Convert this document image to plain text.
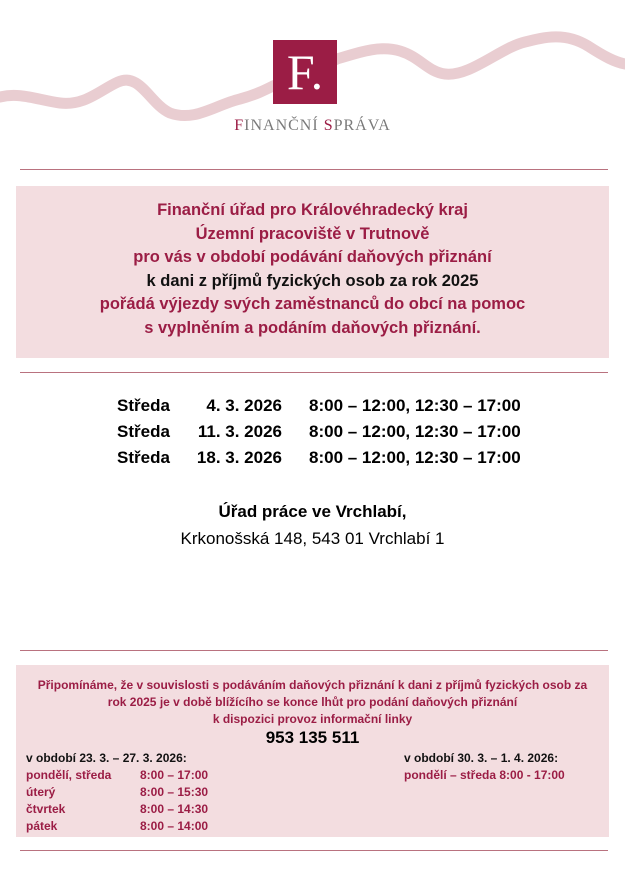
F.
FINANČNÍ SPRÁVA
Finanční úřad pro Královéhradecký kraj
Územní pracoviště v Trutnově
pro vás v období podávání daňových přiznání
k dani z příjmů fyzických osob za rok 2025
pořádá výjezdy svých zaměstnanců do obcí na pomoc
s vyplněním a podáním daňových přiznání.
Středa	4. 3. 2026 8:00 – 12:00, 12:30 – 17:00
Středa	11. 3. 2026 8:00 – 12:00, 12:30 – 17:00
Středa	18. 3. 2026 8:00 – 12:00, 12:30 – 17:00
Úřad práce ve Vrchlabí,
Krkonošská 148, 543 01 Vrchlabí 1
Připomínáme, že v souvislosti s podáváním daňových přiznání k dani z příjmů fyzických osob za
rok 2025 je v době blížícího se konce lhůt pro podání daňových přiznání
k dispozici provoz informační linky
953 135 511
v období 23. 3. – 27. 3. 2026:
pondělí, středa 8:00 – 17:00
úterý	8:00 – 15:30
čtvrtek	8:00 – 14:30
pátek	8:00 – 14:00
v období 30. 3. – 1. 4. 2026:
pondělí – středa 8:00 - 17:00
